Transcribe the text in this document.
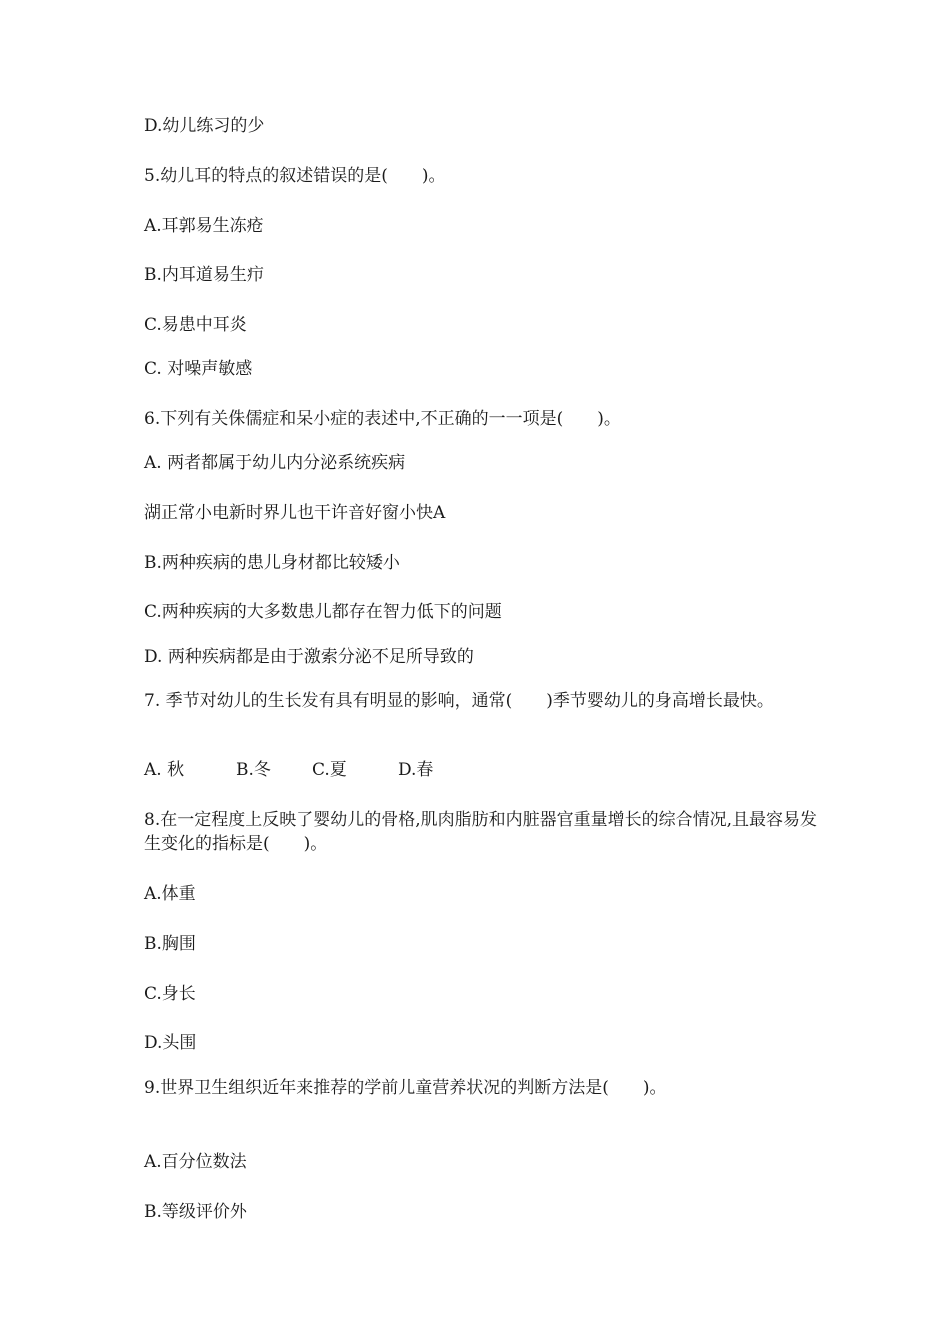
D.幼儿练习的少
5.幼儿耳的特点的叙述错误的是(　　)。
A.耳郭易生冻疮
B.内耳道易生疖
C.易患中耳炎
C. 对噪声敏感
6.下列有关侏儒症和呆小症的表述中,不正确的一一项是(　　)。
A. 两者都属于幼儿内分泌系统疾病
湖正常小电新时界儿也干许音好窗小快A
B.两种疾病的患儿身材都比较矮小
C.两种疾病的大多数患儿都存在智力低下的问题
D. 两种疾病都是由于激索分泌不足所导致的
7. 季节对幼儿的生长发有具有明显的影响，通常(　　)季节婴幼儿的身高增长最快。
A. 秋	B.冬 C.夏	D.春
8.在一定程度上反映了婴幼儿的骨格,肌肉脂肪和内脏器官重量增长的综合情况,且最容易发生变化的指标是(　　)。
A.体重
B.胸围
C.身长
D.头围
9.世界卫生组织近年来推荐的学前儿童营养状况的判断方法是(　　)。
A.百分位数法
B.等级评价外
